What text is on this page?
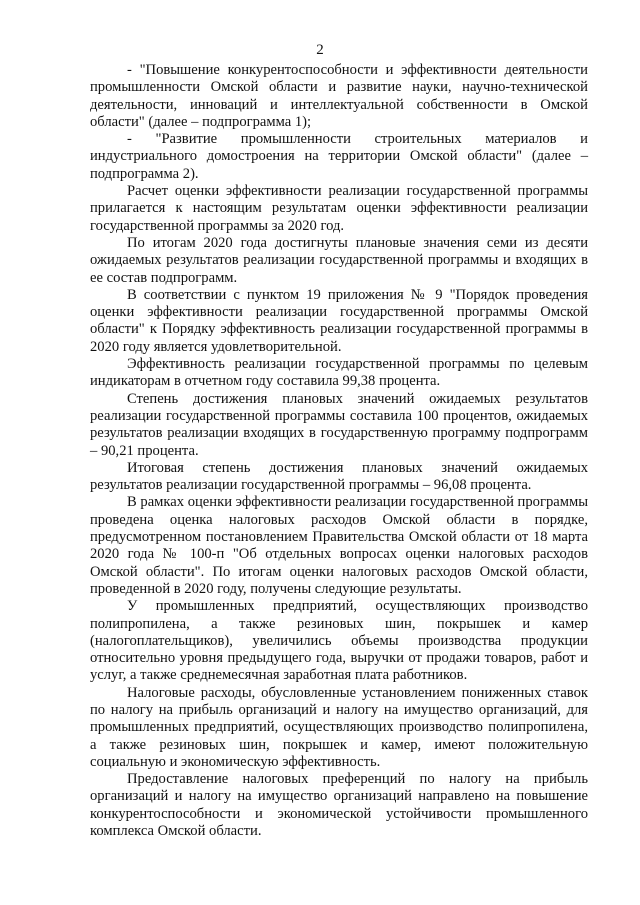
2

- "Повышение конкурентоспособности и эффективности деятельности промышленности Омской области и развитие науки, научно-технической деятельности, инноваций и интеллектуальной собственности в Омской области" (далее – подпрограмма 1);

- "Развитие промышленности строительных материалов и индустриального домостроения на территории Омской области" (далее – подпрограмма 2).

Расчет оценки эффективности реализации государственной программы прилагается к настоящим результатам оценки эффективности реализации государственной программы за 2020 год.

По итогам 2020 года достигнуты плановые значения семи из десяти ожидаемых результатов реализации государственной программы и входящих в ее состав подпрограмм.

В соответствии с пунктом 19 приложения № 9 "Порядок проведения оценки эффективности реализации государственной программы Омской области" к Порядку эффективность реализации государственной программы в 2020 году является удовлетворительной.

Эффективность реализации государственной программы по целевым индикаторам в отчетном году составила 99,38 процента.

Степень достижения плановых значений ожидаемых результатов реализации государственной программы составила 100 процентов, ожидаемых результатов реализации входящих в государственную программу подпрограмм – 90,21 процента.

Итоговая степень достижения плановых значений ожидаемых результатов реализации государственной программы – 96,08 процента.

В рамках оценки эффективности реализации государственной программы проведена оценка налоговых расходов Омской области в порядке, предусмотренном постановлением Правительства Омской области от 18 марта 2020 года № 100-п "Об отдельных вопросах оценки налоговых расходов Омской области". По итогам оценки налоговых расходов Омской области, проведенной в 2020 году, получены следующие результаты.

У промышленных предприятий, осуществляющих производство полипропилена, а также резиновых шин, покрышек и камер (налогоплательщиков), увеличились объемы производства продукции относительно уровня предыдущего года, выручки от продажи товаров, работ и услуг, а также среднемесячная заработная плата работников.

Налоговые расходы, обусловленные установлением пониженных ставок по налогу на прибыль организаций и налогу на имущество организаций, для промышленных предприятий, осуществляющих производство полипропилена, а также резиновых шин, покрышек и камер, имеют положительную социальную и экономическую эффективность.

Предоставление налоговых преференций по налогу на прибыль организаций и налогу на имущество организаций направлено на повышение конкурентоспособности и экономической устойчивости промышленного комплекса Омской области.
